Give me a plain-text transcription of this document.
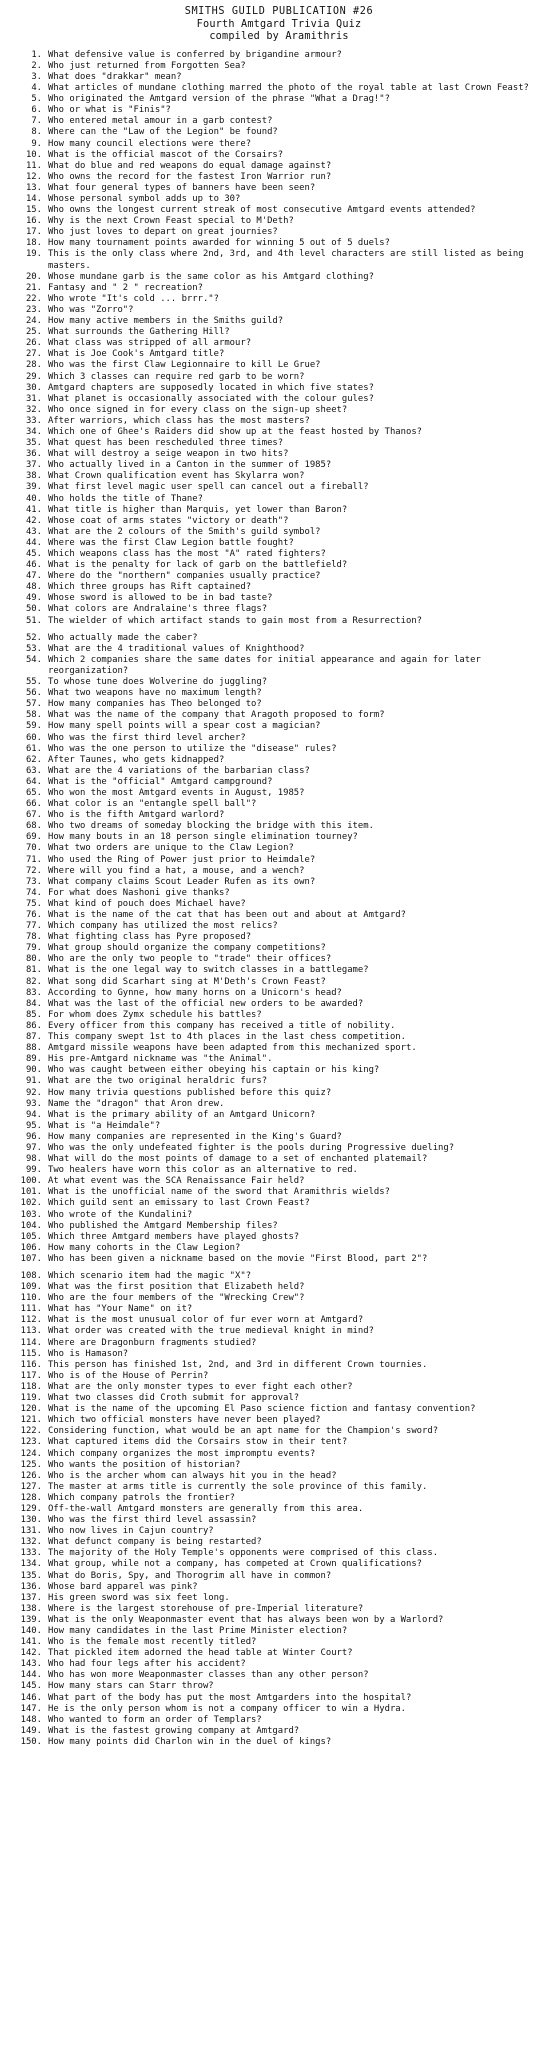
SMITHS GUILD PUBLICATION #26
Fourth Amtgard Trivia Quiz
compiled by Aramithris
1. What defensive value is conferred by brigandine armour?
2. Who just returned from Forgotten Sea?
3. What does "drakkar" mean?
4. What articles of mundane clothing marred the photo of the royal table at last Crown Feast?
5. Who originated the Amtgard version of the phrase "What a Drag!"?
6. Who or what is "Finis"?
7. Who entered metal amour in a garb contest?
8. Where can the "Law of the Legion" be found?
9. How many council elections were there?
10. What is the official mascot of the Corsairs?
11. What do blue and red weapons do equal damage against?
12. Who owns the record for the fastest Iron Warrior run?
13. What four general types of banners have been seen?
14. Whose personal symbol adds up to 30?
15. Who owns the longest current streak of most consecutive Amtgard events attended?
16. Why is the next Crown Feast special to M'Deth?
17. Who just loves to depart on great journies?
18. How many tournament points awarded for winning 5 out of 5 duels?
19. This is the only class where 2nd, 3rd, and 4th level characters are still listed as being masters.
20. Whose mundane garb is the same color as his Amtgard clothing?
21. Fantasy and " 2 " recreation?
22. Who wrote "It's cold ... brrr."?
23. Who was "Zorro"?
24. How many active members in the Smiths guild?
25. What surrounds the Gathering Hill?
26. What class was stripped of all armour?
27. What is Joe Cook's Amtgard title?
28. Who was the first Claw Legionnaire to kill Le Grue?
29. Which 3 classes can require red garb to be worn?
30. Amtgard chapters are supposedly located in which five states?
31. What planet is occasionally associated with the colour gules?
32. Who once signed in for every class on the sign-up sheet?
33. After warriors, which class has the most masters?
34. Which one of Ghee's Raiders did show up at the feast hosted by Thanos?
35. What quest has been rescheduled three times?
36. What will destroy a seige weapon in two hits?
37. Who actually lived in a Canton in the summer of 1985?
38. What Crown qualification event has Skylarra won?
39. What first level magic user spell can cancel out a fireball?
40. Who holds the title of Thane?
41. What title is higher than Marquis, yet lower than Baron?
42. Whose coat of arms states "victory or death"?
43. What are the 2 colours of the Smith's guild symbol?
44. Where was the first Claw Legion battle fought?
45. Which weapons class has the most "A" rated fighters?
46. What is the penalty for lack of garb on the battlefield?
47. Where do the "northern" companies usually practice?
48. Which three groups has Rift captained?
49. Whose sword is allowed to be in bad taste?
50. What colors are Andralaine's three flags?
51. The wielder of which artifact stands to gain most from a Resurrection?
52. Who actually made the caber?
53. What are the 4 traditional values of Knighthood?
54. Which 2 companies share the same dates for initial appearance and again for later reorganization?
55. To whose tune does Wolverine do juggling?
56. What two weapons have no maximum length?
57. How many companies has Theo belonged to?
58. What was the name of the company that Aragoth proposed to form?
59. How many spell points will a spear cost a magician?
60. Who was the first third level archer?
61. Who was the one person to utilize the "disease" rules?
62. After Taunes, who gets kidnapped?
63. What are the 4 variations of the barbarian class?
64. What is the "official" Amtgard campground?
65. Who won the most Amtgard events in August, 1985?
66. What color is an "entangle spell ball"?
67. Who is the fifth Amtgard warlord?
68. Who two dreams of someday blocking the bridge with this item.
69. How many bouts in an 18 person single elimination tourney?
70. What two orders are unique to the Claw Legion?
71. Who used the Ring of Power just prior to Heimdale?
72. Where will you find a hat, a mouse, and a wench?
73. What company claims Scout Leader Rufen as its own?
74. For what does Nashoni give thanks?
75. What kind of pouch does Michael have?
76. What is the name of the cat that has been out and about at Amtgard?
77. Which company has utilized the most relics?
78. What fighting class has Pyre proposed?
79. What group should organize the company competitions?
80. Who are the only two people to "trade" their offices?
81. What is the one legal way to switch classes in a battlegame?
82. What song did Scarhart sing at M'Deth's Crown Feast?
83. According to Gynne, how many horns on a Unicorn's head?
84. What was the last of the official new orders to be awarded?
85. For whom does Zymx schedule his battles?
86. Every officer from this company has received a title of nobility.
87. This company swept 1st to 4th places in the last chess competition.
88. Amtgard missile weapons have been adapted from this mechanized sport.
89. His pre-Amtgard nickname was "the Animal".
90. Who was caught between either obeying his captain or his king?
91. What are the two original heraldric furs?
92. How many trivia questions published before this quiz?
93. Name the "dragon" that Aron drew.
94. What is the primary ability of an Amtgard Unicorn?
95. What is "a Heimdale"?
96. How many companies are represented in the King's Guard?
97. Who was the only undefeated fighter is the pools during Progressive dueling?
98. What will do the most points of damage to a set of enchanted platemail?
99. Two healers have worn this color as an alternative to red.
100. At what event was the SCA Renaissance Fair held?
101. What is the unofficial name of the sword that Aramithris wields?
102. Which guild sent an emissary to last Crown Feast?
103. Who wrote of the Kundalini?
104. Who published the Amtgard Membership files?
105. Which three Amtgard members have played ghosts?
106. How many cohorts in the Claw Legion?
107. Who has been given a nickname based on the movie "First Blood, part 2"?
108. Which scenario item had the magic "X"?
109. What was the first position that Elizabeth held?
110. Who are the four members of the "Wrecking Crew"?
111. What has "Your Name" on it?
112. What is the most unusual color of fur ever worn at Amtgard?
113. What order was created with the true medieval knight in mind?
114. Where are Dragonburn fragments studied?
115. Who is Hamason?
116. This person has finished 1st, 2nd, and 3rd in different Crown tournies.
117. Who is of the House of Perrin?
118. What are the only monster types to ever fight each other?
119. What two classes did Croth submit for approval?
120. What is the name of the upcoming El Paso science fiction and fantasy convention?
121. Which two official monsters have never been played?
122. Considering function, what would be an apt name for the Champion's sword?
123. What captured items did the Corsairs stow in their tent?
124. Which company organizes the most impromptu events?
125. Who wants the position of historian?
126. Who is the archer whom can always hit you in the head?
127. The master at arms title is currently the sole province of this family.
128. Which company patrols the frontier?
129. Off-the-wall Amtgard monsters are generally from this area.
130. Who was the first third level assassin?
131. Who now lives in Cajun country?
132. What defunct company is being restarted?
133. The majority of the Holy Temple's opponents were comprised of this class.
134. What group, while not a company, has competed at Crown qualifications?
135. What do Boris, Spy, and Thorogrim all have in common?
136. Whose bard apparel was pink?
137. His green sword was six feet long.
138. Where is the largest storehouse of pre-Imperial literature?
139. What is the only Weaponmaster event that has always been won by a Warlord?
140. How many candidates in the last Prime Minister election?
141. Who is the female most recently titled?
142. That pickled item adorned the head table at Winter Court?
143. Who had four legs after his accident?
144. Who has won more Weaponmaster classes than any other person?
145. How many stars can Starr throw?
146. What part of the body has put the most Amtgarders into the hospital?
147. He is the only person whom is not a company officer to win a Hydra.
148. Who wanted to form an order of Templars?
149. What is the fastest growing company at Amtgard?
150. How many points did Charlon win in the duel of kings?
